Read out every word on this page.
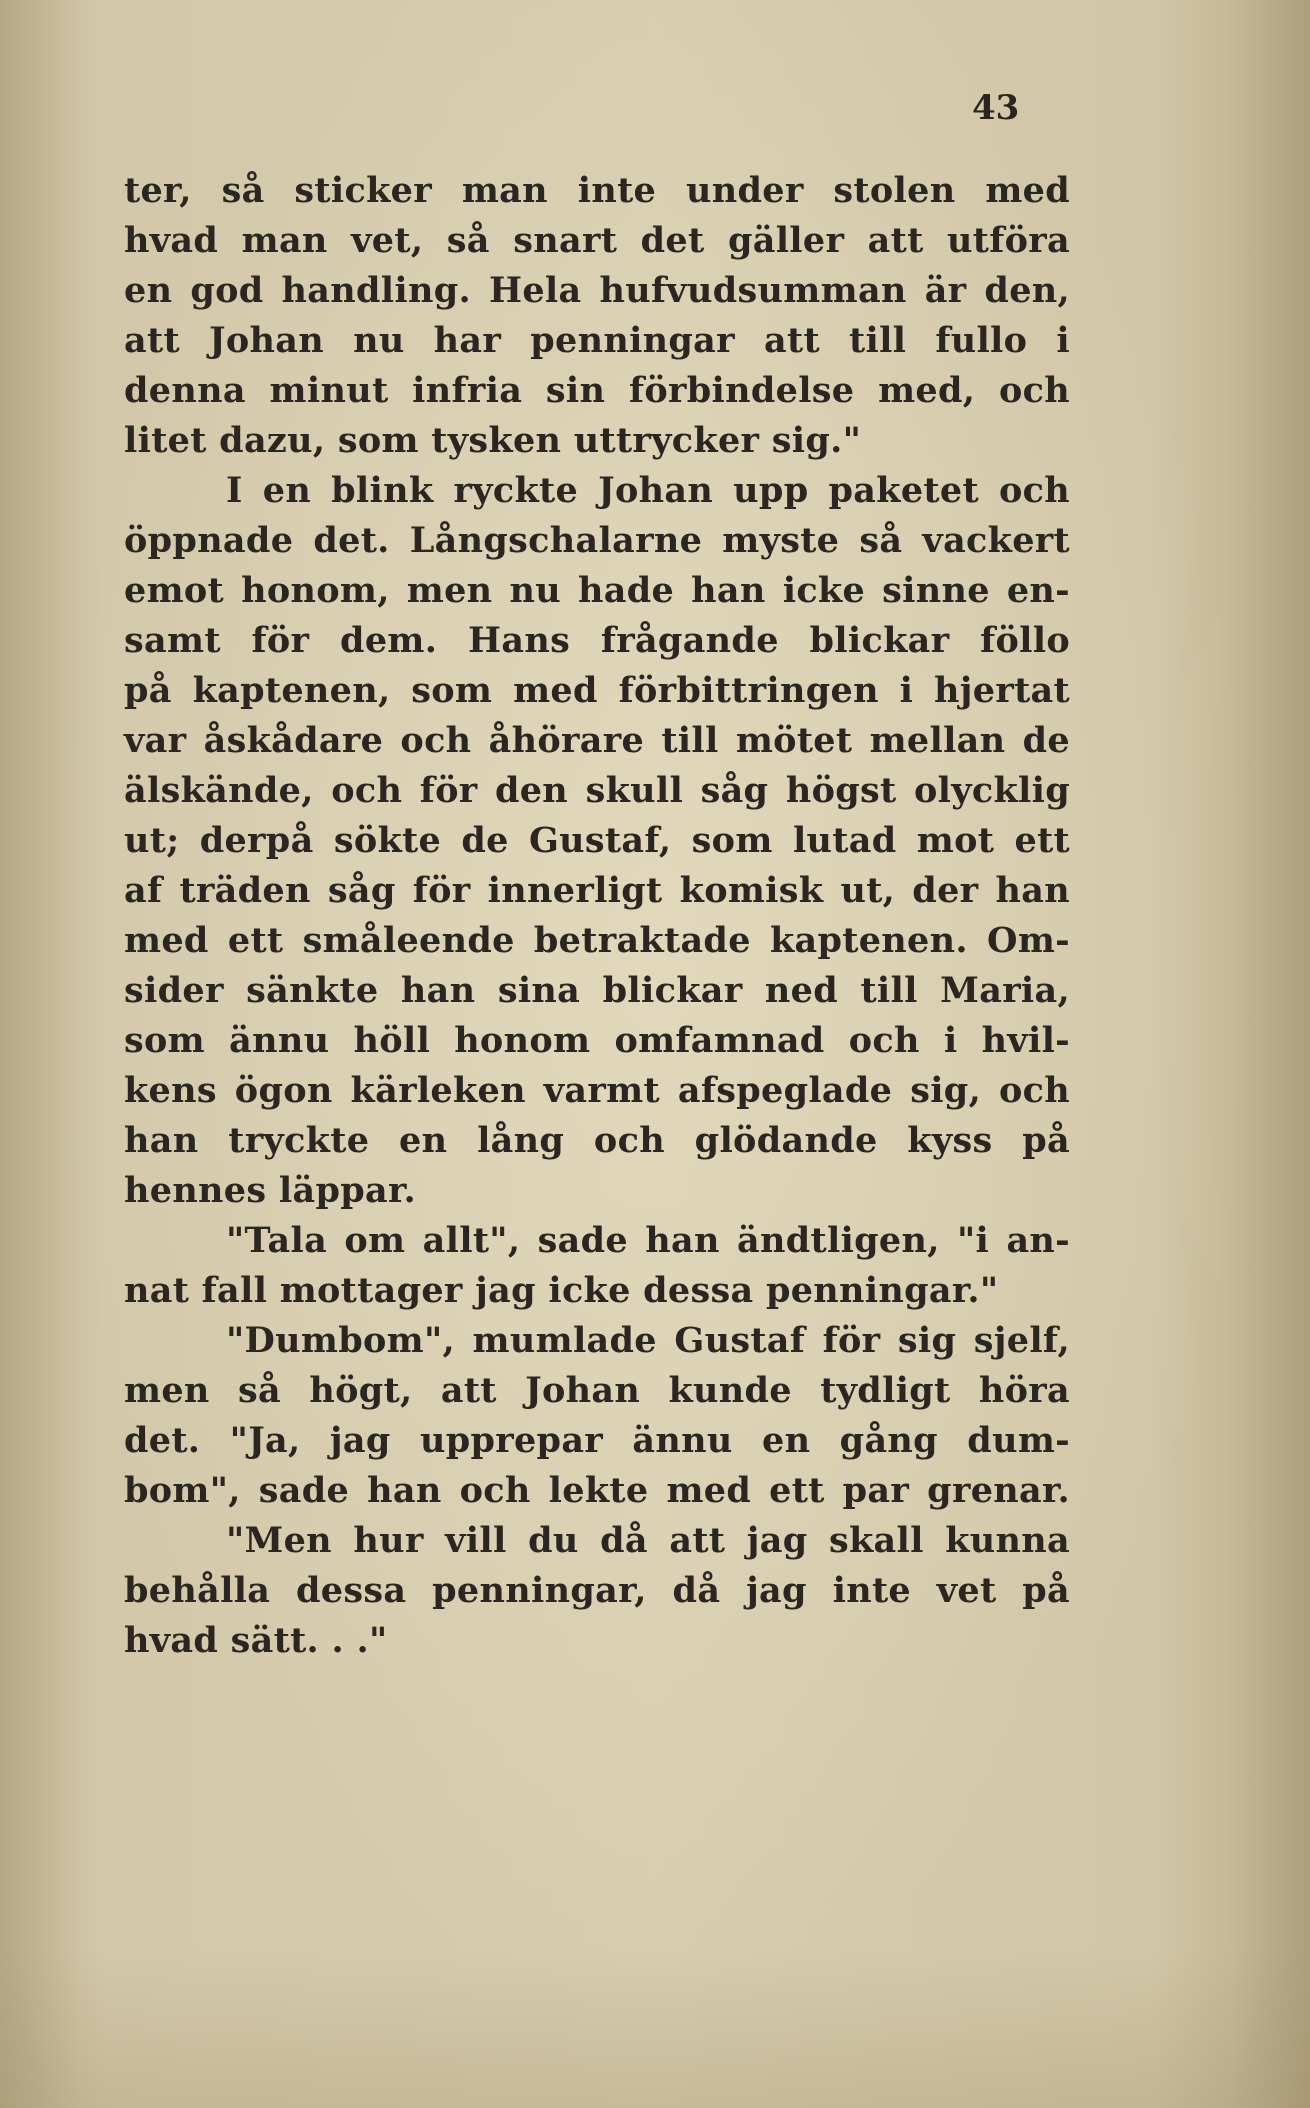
43
ter, så sticker man inte under stolen med
hvad man vet, så snart det gäller att utföra
en god handling. Hela hufvudsumman är den,
att Johan nu har penningar att till fullo i
denna minut infria sin förbindelse med, och
litet dazu, som tysken uttrycker sig."
I en blink ryckte Johan upp paketet och
öppnade det. Långschalarne myste så vackert
emot honom, men nu hade han icke sinne en-
samt för dem. Hans frågande blickar föllo
på kaptenen, som med förbittringen i hjertat
var åskådare och åhörare till mötet mellan de
älskände, och för den skull såg högst olycklig
ut; derpå sökte de Gustaf, som lutad mot ett
af träden såg för innerligt komisk ut, der han
med ett småleende betraktade kaptenen. Om-
sider sänkte han sina blickar ned till Maria,
som ännu höll honom omfamnad och i hvil-
kens ögon kärleken varmt afspeglade sig, och
han tryckte en lång och glödande kyss på
hennes läppar.
"Tala om allt", sade han ändtligen, "i an-
nat fall mottager jag icke dessa penningar."
"Dumbom", mumlade Gustaf för sig sjelf,
men så högt, att Johan kunde tydligt höra
det. "Ja, jag upprepar ännu en gång dum-
bom", sade han och lekte med ett par grenar.
"Men hur vill du då att jag skall kunna
behålla dessa penningar, då jag inte vet på
hvad sätt. . ."
